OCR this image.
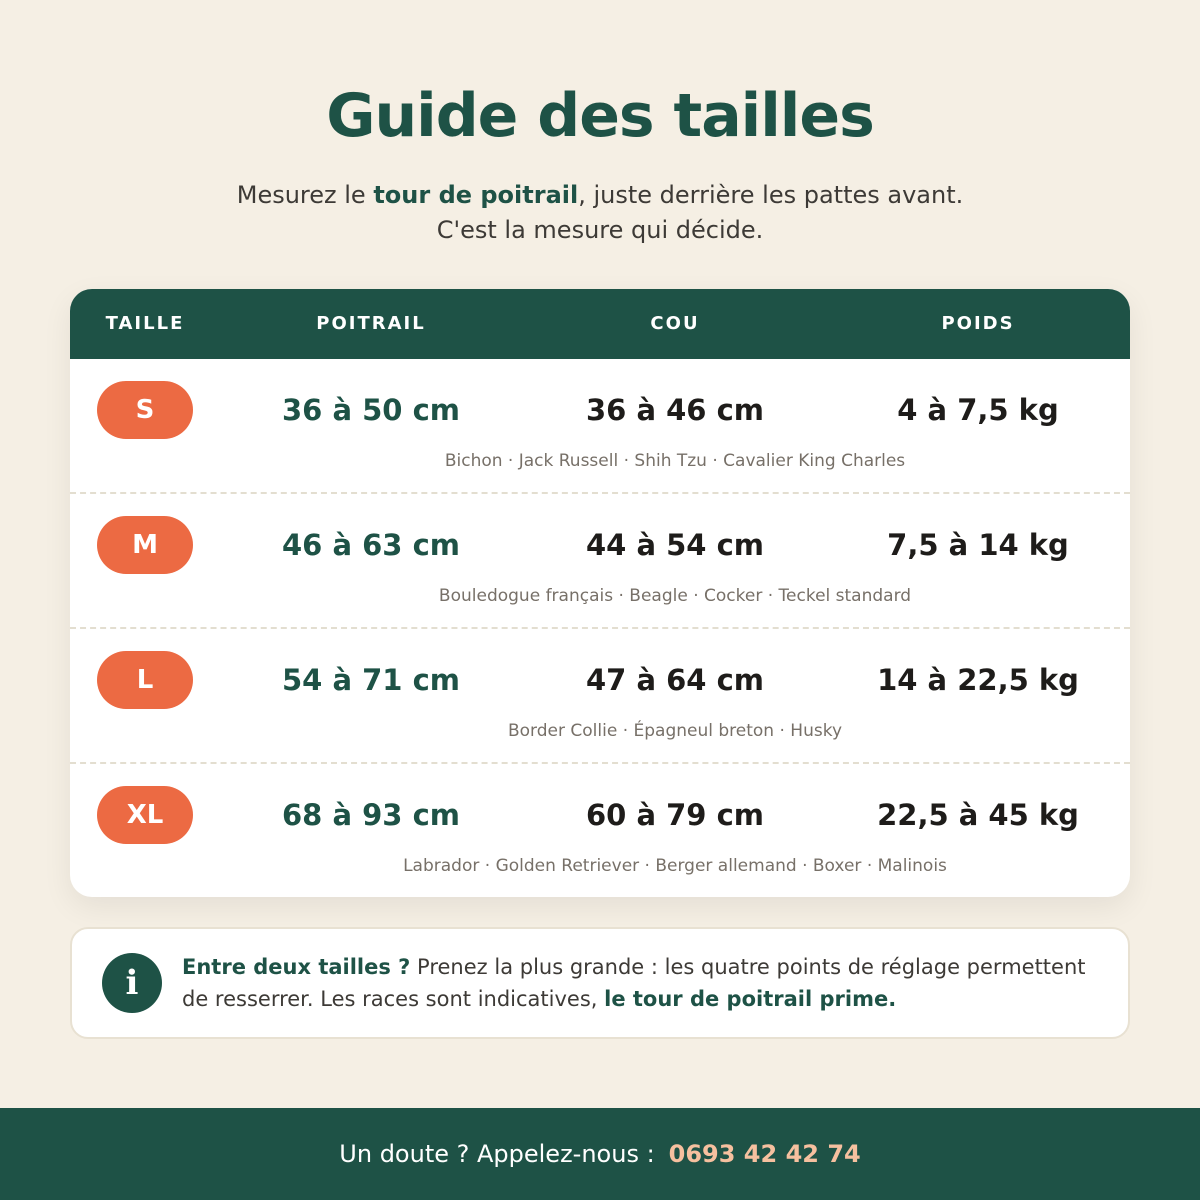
Guide des tailles
Mesurez le tour de poitrail, juste derrière les pattes avant.
C'est la mesure qui décide.
TAILLE	POITRAIL	COU	POIDS
S	36 à 50 cm	36 à 46 cm	4 à 7,5 kg
Bichon · Jack Russell · Shih Tzu · Cavalier King Charles
M	46 à 63 cm	44 à 54 cm	7,5 à 14 kg
Bouledogue français · Beagle · Cocker · Teckel standard
L	54 à 71 cm	47 à 64 cm	14 à 22,5 kg
Border Collie · Épagneul breton · Husky
XL	68 à 93 cm	60 à 79 cm	22,5 à 45 kg
Labrador · Golden Retriever · Berger allemand · Boxer · Malinois
i	Entre deux tailles ? Prenez la plus grande : les quatre points de réglage permettent de resserrer. Les races sont indicatives, le tour de poitrail prime.
Un doute ? Appelez-nous : 0693 42 42 74
